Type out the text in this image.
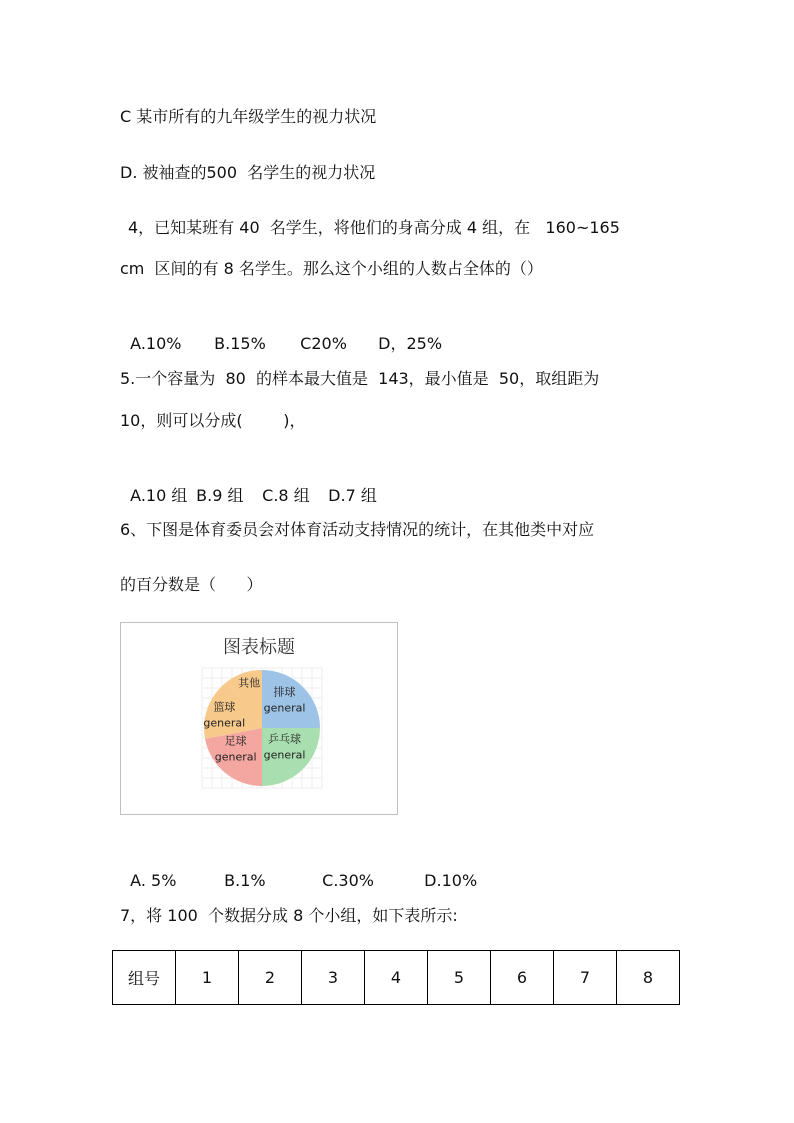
C 某市所有的九年级学生的视力状况
D. 被袖查的500  名学生的视力状况
4，已知某班有 40  名学生，将他们的身高分成 4 组，在   160~165
cm  区间的有 8 名学生。那么这个小组的人数占全体的（）

A.10% B.15% C20% D，25%

5.一个容量为  80  的样本最大值是  143，最小值是  50，取组距为
10，则可以分成(        )，

A.10 组 B.9 组 C.8 组 D.7 组

6、下图是体育委员会对体育活动支持情况的统计，在其他类中对应
的百分数是（      ）
图表标题
排球
general
乒乓球
general
足球
general
篮球
general
其他

A. 5%	B.1%	C.30%	D.10%

7，将 100  个数据分成 8 个小组，如下表所示:
组号	1	2	3	4	5	6	7	8
